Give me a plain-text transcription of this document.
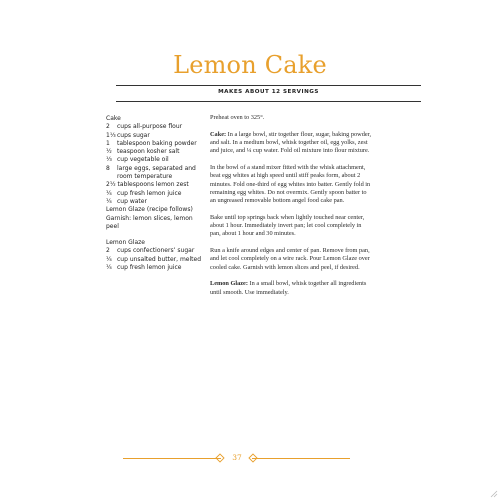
Lemon Cake
MAKES ABOUT 12 SERVINGS
Cake
2	cups all-purpose flour
1⅓ cups sugar
1	tablespoon baking powder
½ teaspoon kosher salt
⅓ cup vegetable oil
8	large eggs, separated and room temperature
2½ tablespoons lemon zest
¼ cup fresh lemon juice
¼ cup water
Lemon Glaze (recipe follows)
Garnish: lemon slices, lemon peel
Lemon Glaze
2	cups confectioners’ sugar
¼ cup unsalted butter, melted
¼ cup fresh lemon juice

Preheat oven to 325°.

Cake: In a large bowl, stir together flour, sugar, baking powder, and salt. In a medium bowl, whisk together oil, egg yolks, zest and juice, and ¼ cup water. Fold oil mixture into flour mixture.

In the bowl of a stand mixer fitted with the whisk attachment, beat egg whites at high speed until stiff peaks form, about 2 minutes. Fold one-third of egg whites into batter. Gently fold in remaining egg whites. Do not overmix. Gently spoon batter to an ungreased removable bottom angel food cake pan.

Bake until top springs back when lightly touched near center, about 1 hour. Immediately invert pan; let cool completely in pan, about 1 hour and 30 minutes.

Run a knife around edges and center of pan. Remove from pan, and let cool completely on a wire rack. Pour Lemon Glaze over cooled cake. Garnish with lemon slices and peel, if desired.

Lemon Glaze: In a small bowl, whisk together all ingredients until smooth. Use immediately.

37
